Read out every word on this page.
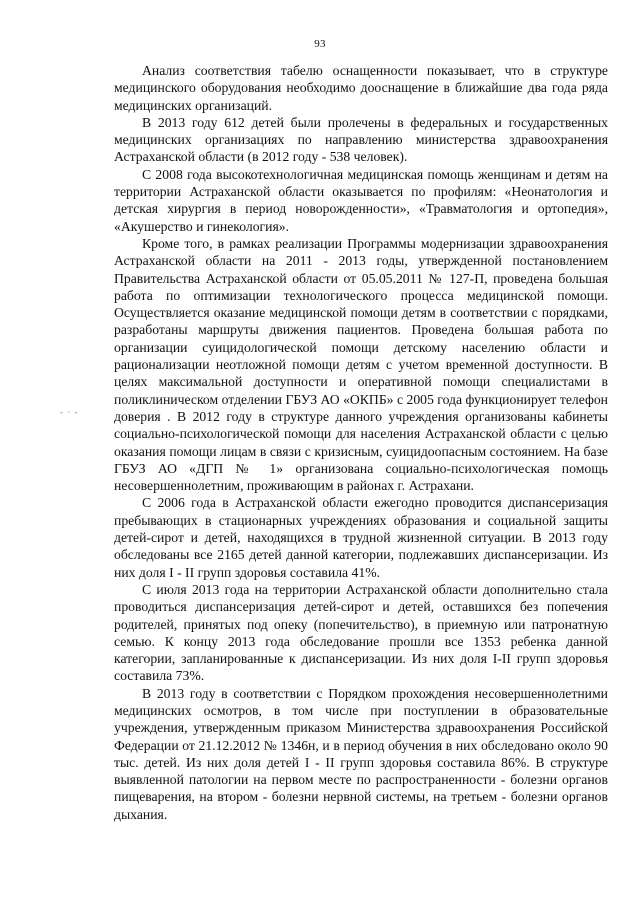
93
- · -

Анализ соответствия табелю оснащенности показывает, что в структуре медицинского оборудования необходимо дооснащение в ближайшие два года ряда медицинских организаций.

В 2013 году 612 детей были пролечены в федеральных и государственных медицинских организациях по направлению министерства здравоохранения Астраханской области (в 2012 году - 538 человек).

С 2008 года высокотехнологичная медицинская помощь женщинам и детям на территории Астраханской области оказывается по профилям: «Неонатология и детская хирургия в период новорожденности», «Травматология и ортопедия», «Акушерство и гинекология».

Кроме того, в рамках реализации Программы модернизации здравоохранения Астраханской области на 2011 - 2013 годы, утвержденной постановлением Правительства Астраханской области от 05.05.2011 № 127-П, проведена большая работа по оптимизации технологического процесса медицинской помощи. Осуществляется оказание медицинской помощи детям в соответствии с порядками, разработаны маршруты движения пациентов. Проведена большая работа по организации суицидологической помощи детскому населению области и рационализации неотложной помощи детям с учетом временной доступности. В целях максимальной доступности и оперативной помощи специалистами в поликлиническом отделении ГБУЗ АО «ОКПБ» с 2005 года функционирует телефон доверия . В 2012 году в структуре данного учреждения организованы кабинеты социально-психологической помощи для населения Астраханской области с целью оказания помощи лицам в связи с кризисным, суицидоопасным состоянием. На базе ГБУЗ АО «ДГП № 1» организована социально-психологическая помощь несовершеннолетним, проживающим в районах г. Астрахани.

С 2006 года в Астраханской области ежегодно проводится диспансеризация пребывающих в стационарных учреждениях образования и социальной защиты детей-сирот и детей, находящихся в трудной жизненной ситуации. В 2013 году обследованы все 2165 детей данной категории, подлежавших диспансеризации. Из них доля I - II групп здоровья составила 41%.

С июля 2013 года на территории Астраханской области дополнительно стала проводиться диспансеризация детей-сирот и детей, оставшихся без попечения родителей, принятых под опеку (попечительство), в приемную или патронатную семью. К концу 2013 года обследование прошли все 1353 ребенка данной категории, запланированные к диспансеризации. Из них доля I-II групп здоровья составила 73%.

В 2013 году в соответствии с Порядком прохождения несовершеннолетними медицинских осмотров, в том числе при поступлении в образовательные учреждения, утвержденным приказом Министерства здравоохранения Российской Федерации от 21.12.2012 № 1346н, и в период обучения в них обследовано около 90 тыс. детей. Из них доля детей I - II групп здоровья составила 86%. В структуре выявленной патологии на первом месте по распространенности - болезни органов пищеварения, на втором - болезни нервной системы, на третьем - болезни органов дыхания.
